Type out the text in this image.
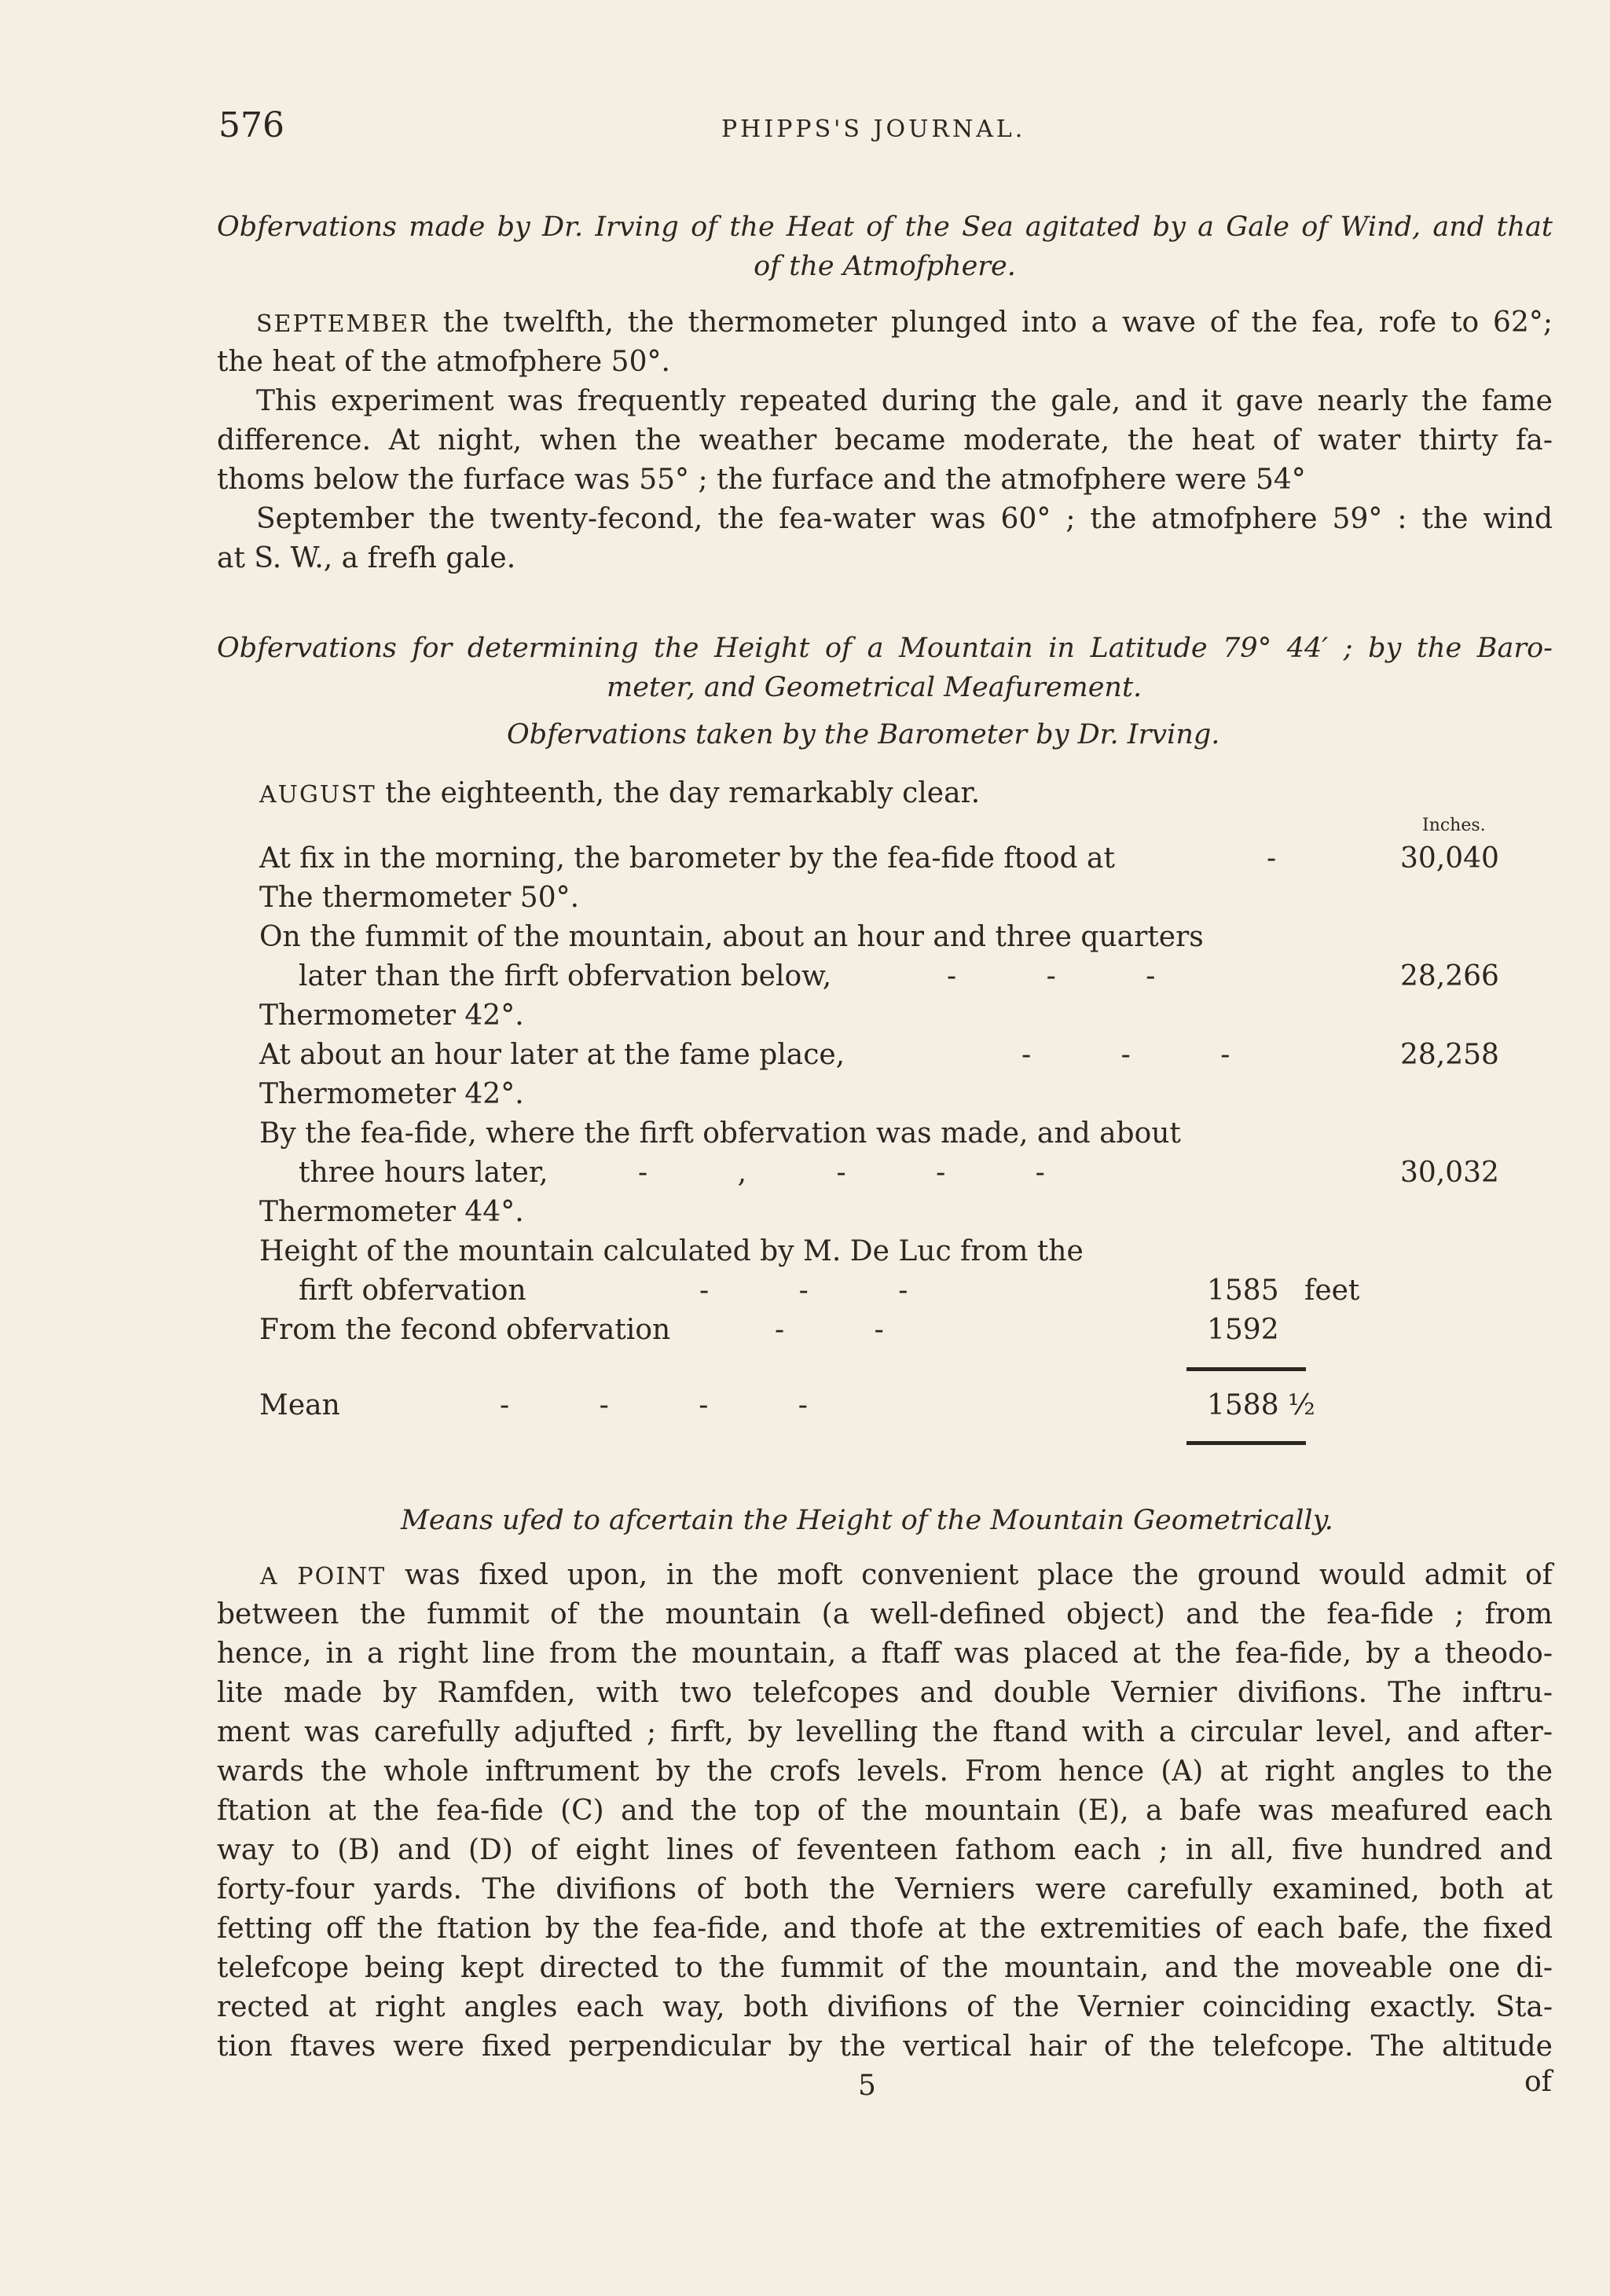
576	PHIPPS'S JOURNAL.
Obfervations made by Dr. Irving of the Heat of the Sea agitated by a Gale of Wind, and that
of the Atmofphere.
SEPTEMBER the twelfth, the thermometer plunged into a wave of the fea, rofe to 62°;
the heat of the atmofphere 50°.
This experiment was frequently repeated during the gale, and it gave nearly the fame
difference. At night, when the weather became moderate, the heat of water thirty fa-
thoms below the furface was 55° ; the furface and the atmofphere were 54°
September the twenty-fecond, the fea-water was 60° ; the atmofphere 59° : the wind
at S. W., a frefh gale.
Obfervations for determining the Height of a Mountain in Latitude 79° 44′ ; by the Baro-
meter, and Geometrical Meafurement.
Obfervations taken by the Barometer by Dr. Irving.
AUGUST the eighteenth, the day remarkably clear.
Inches.
At fix in the morning, the barometer by the fea-fide ftood at	-	30,040
The thermometer 50°.
On the fummit of the mountain, about an hour and three quarters
later than the firft obfervation below,	-          -          -	28,266
Thermometer 42°.
At about an hour later at the fame place,	-          -          -	28,258
Thermometer 42°.
By the fea-fide, where the firft obfervation was made, and about
three hours later,	-          ,          -          -          -	30,032
Thermometer 44°.
Height of the mountain calculated by M. De Luc from the
firft obfervation	-          -          -	1585 feet
From the fecond obfervation	-          -	1592
Mean	-          -          -          -	1588 ½
Means ufed to afcertain the Height of the Mountain Geometrically.
A POINT was fixed upon, in the moft convenient place the ground would admit of
between the fummit of the mountain (a well-defined object) and the fea-fide ; from
hence, in a right line from the mountain, a ftaff was placed at the fea-fide, by a theodo-
lite made by Ramfden, with two telefcopes and double Vernier divifions. The inftru-
ment was carefully adjufted ; firft, by levelling the ftand with a circular level, and after-
wards the whole inftrument by the crofs levels. From hence (A) at right angles to the
ftation at the fea-fide (C) and the top of the mountain (E), a bafe was meafured each
way to (B) and (D) of eight lines of feventeen fathom each ; in all, five hundred and
forty-four yards. The divifions of both the Verniers were carefully examined, both at
fetting off the ftation by the fea-fide, and thofe at the extremities of each bafe, the fixed
telefcope being kept directed to the fummit of the mountain, and the moveable one di-
rected at right angles each way, both divifions of the Vernier coinciding exactly. Sta-
tion ftaves were fixed perpendicular by the vertical hair of the telefcope. The altitude
5	of
